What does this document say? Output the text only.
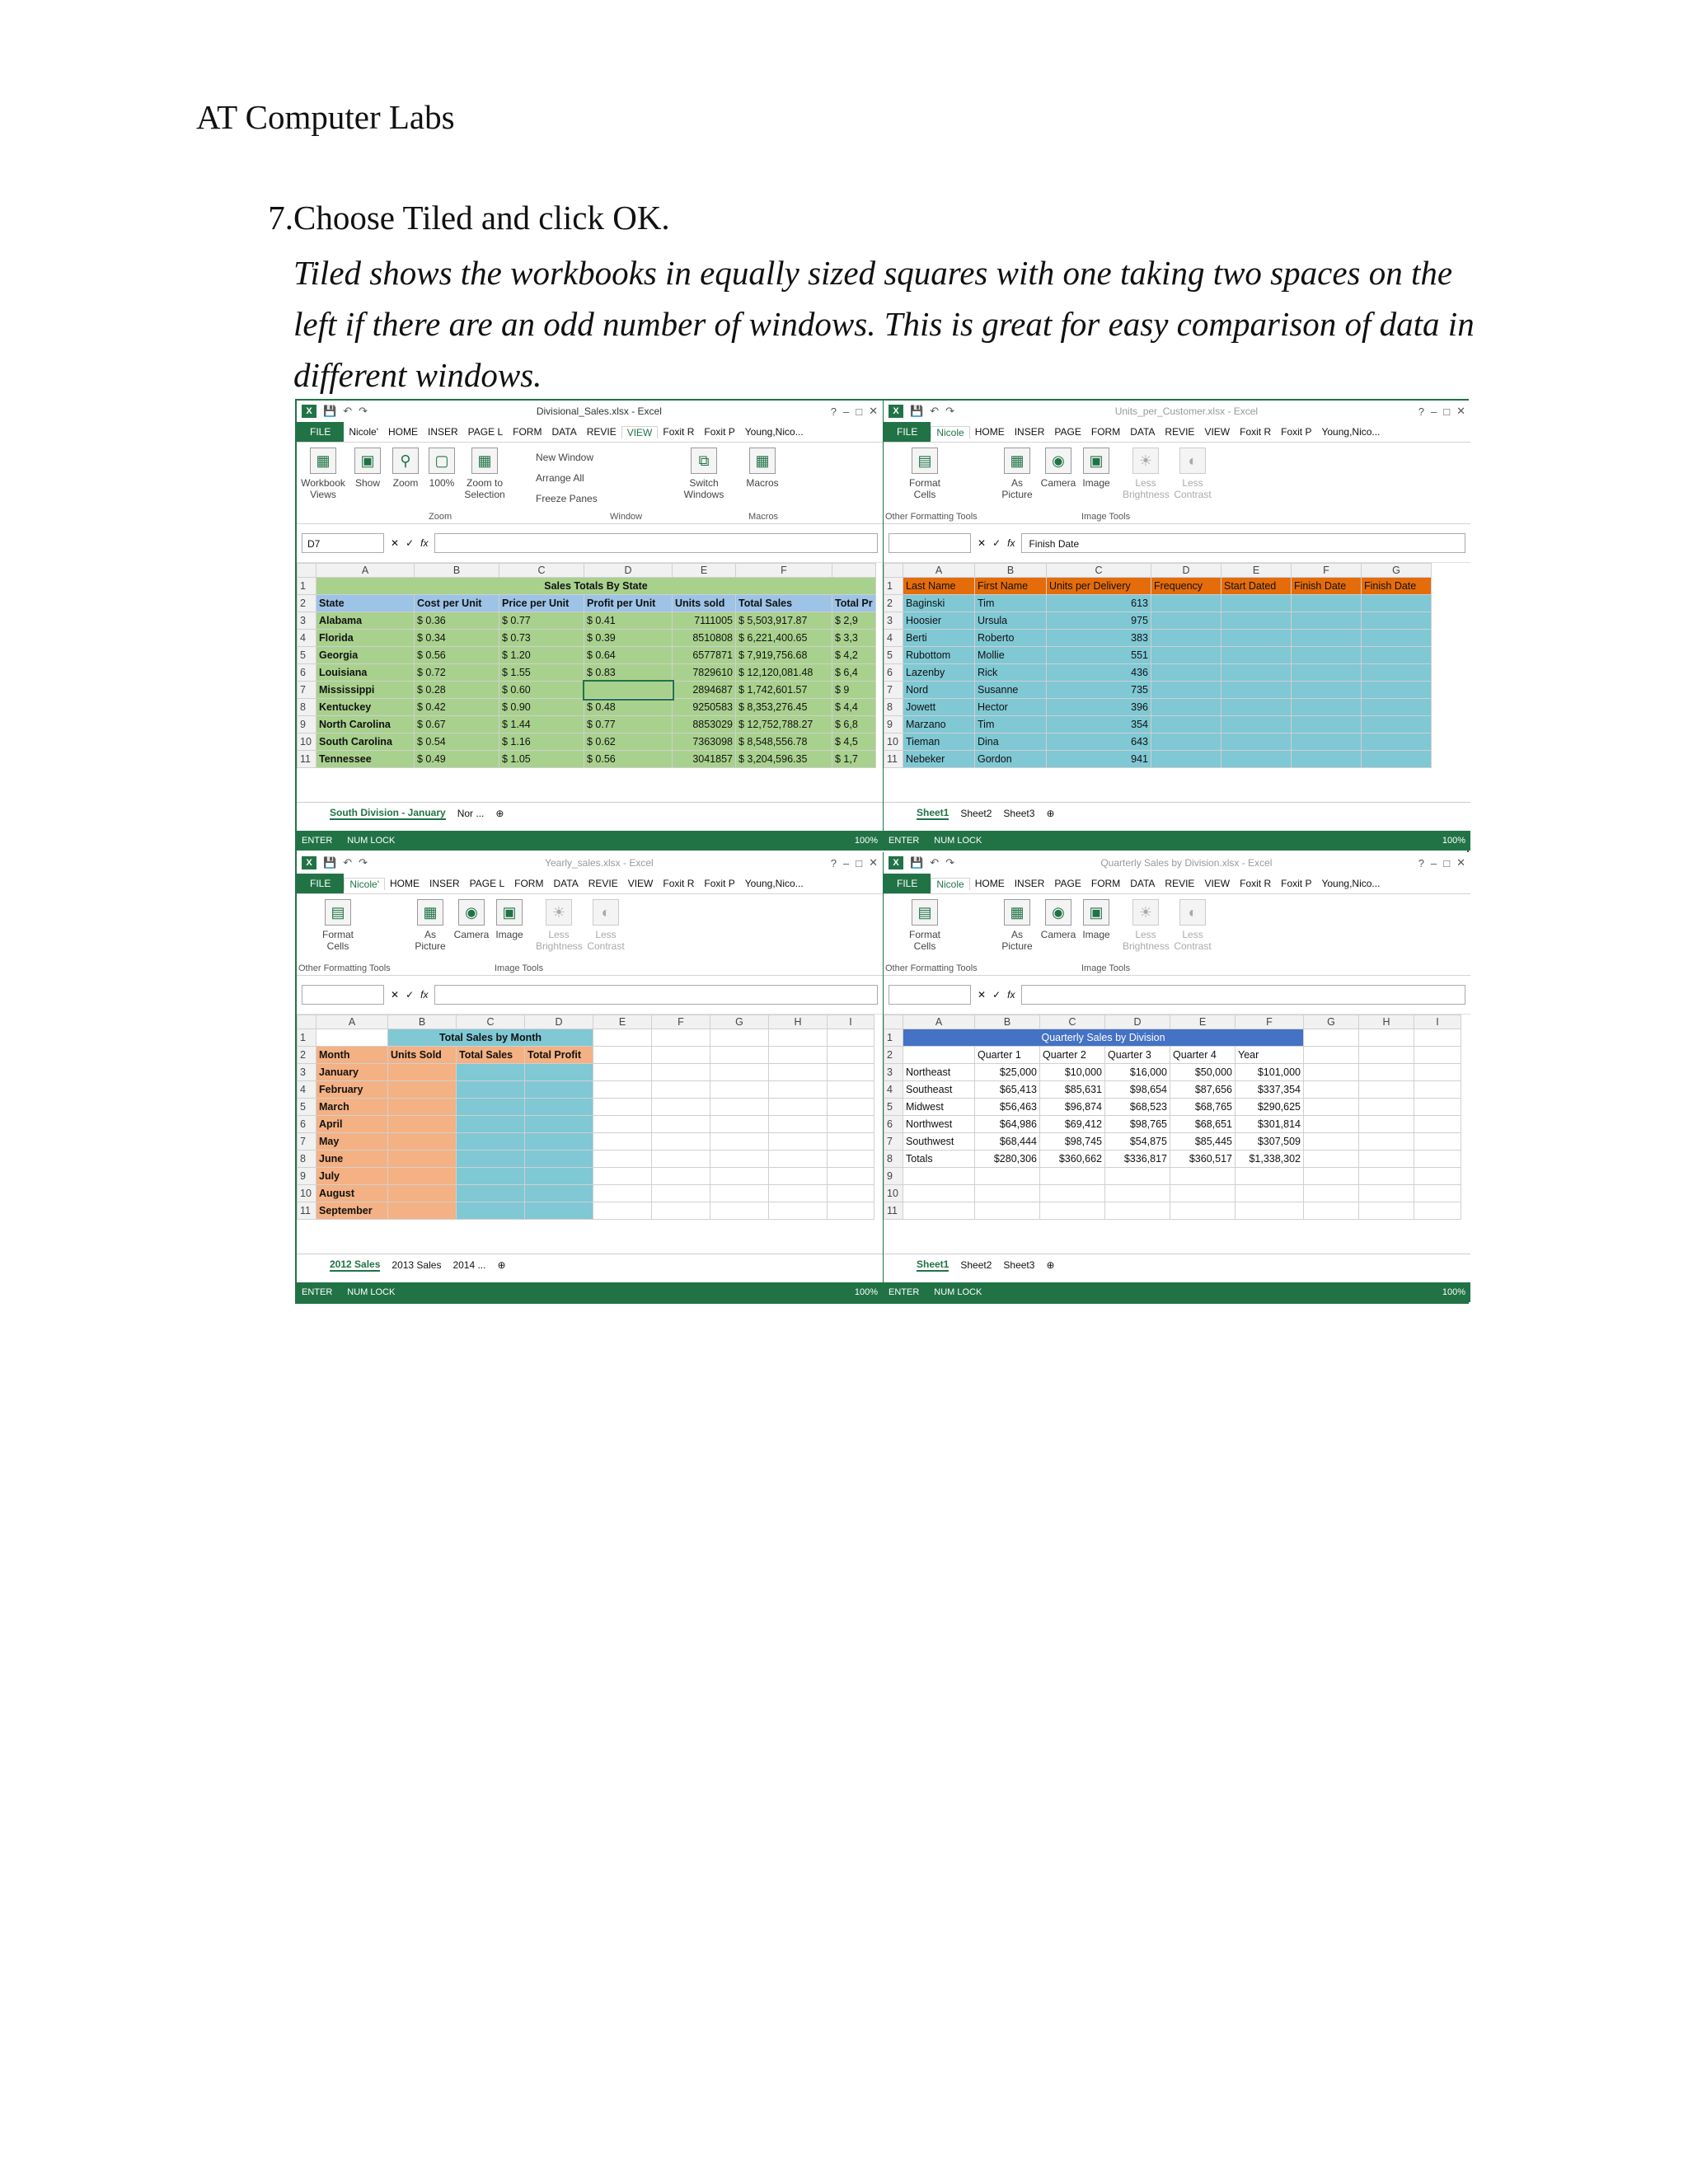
AT Computer Labs
7.Choose Tiled and click OK.
Tiled shows the workbooks in equally sized squares with one taking two spaces on the left if there are an odd number of windows. This is great for easy comparison of data in different windows.
X	💾 ↶ ↷	Divisional_Sales.xlsx - Excel	? – □ ✕
FILE	Nicole'	HOME	INSER	PAGE L	FORM	DATA	REVIE	VIEW	Foxit R	Foxit P	Young,Nico...
▦
Workbook Views
▣
Show
⚲
Zoom
▢
100%
▦
Zoom to Selection
New Window
Arrange All
Freeze Panes
⧉
Switch Windows
▦
Macros
Zoom	Window	Macros
D7	✕ ✓ fx
	A	B	C	D	E	F	
1	Sales Totals By State						
2	State	Cost per Unit	Price per Unit	Profit per Unit	Units sold	Total Sales	Total Pr
3	Alabama	$ 0.36	$ 0.77	$ 0.41	7111005	$ 5,503,917.87	$ 2,9
4	Florida	$ 0.34	$ 0.73	$ 0.39	8510808	$ 6,221,400.65	$ 3,3
5	Georgia	$ 0.56	$ 1.20	$ 0.64	6577871	$ 7,919,756.68	$ 4,2
6	Louisiana	$ 0.72	$ 1.55	$ 0.83	7829610	$ 12,120,081.48	$ 6,4
7	Mississippi	$ 0.28	$ 0.60		2894687	$ 1,742,601.57	$ 9
8	Kentuckey	$ 0.42	$ 0.90	$ 0.48	9250583	$ 8,353,276.45	$ 4,4
9	North Carolina	$ 0.67	$ 1.44	$ 0.77	8853029	$ 12,752,788.27	$ 6,8
10	South Carolina	$ 0.54	$ 1.16	$ 0.62	7363098	$ 8,548,556.78	$ 4,5
11	Tennessee	$ 0.49	$ 1.05	$ 0.56	3041857	$ 3,204,596.35	$ 1,7
South Division - January Nor ... ⊕
ENTER NUM LOCK	100%
X	💾 ↶ ↷	Units_per_Customer.xlsx - Excel	? – □ ✕
FILE	Nicole	HOME	INSER	PAGE	FORM	DATA	REVIE	VIEW	Foxit R	Foxit P	Young,Nico...
▤
Format Cells
▦
As Picture
◉
Camera
▣
Image
☀
Less Brightness
◐
Less Contrast
Other Formatting Tools	Image Tools
✕ ✓ fx	Finish Date
	A	B	C	D	E	F	G
1	Last Name	First Name	Units per Delivery	Frequency	Start Dated	Finish Date	Finish Date
2	Baginski	Tim	613				
3	Hoosier	Ursula	975				
4	Berti	Roberto	383				
5	Rubottom	Mollie	551				
6	Lazenby	Rick	436				
7	Nord	Susanne	735				
8	Jowett	Hector	396				
9	Marzano	Tim	354				
10	Tieman	Dina	643				
11	Nebeker	Gordon	941				
Sheet1 Sheet2 Sheet3 ⊕
ENTER NUM LOCK	100%
X	💾 ↶ ↷	Yearly_sales.xlsx - Excel	? – □ ✕
FILE	Nicole'	HOME	INSER	PAGE L	FORM	DATA	REVIE	VIEW	Foxit R	Foxit P	Young,Nico...
▤
Format Cells
▦
As Picture
◉
Camera
▣
Image
☀
Less Brightness
◐
Less Contrast
Other Formatting Tools	Image Tools
✕ ✓ fx
	A	B	C	D	E	F	G	H	I
1		Total Sales by Month							
2	Month	Units Sold	Total Sales	Total Profit					
3	January								
4	February								
5	March								
6	April								
7	May								
8	June								
9	July								
10	August								
11	September								
2012 Sales 2013 Sales 2014 ... ⊕
ENTER NUM LOCK	100%
X	💾 ↶ ↷	Quarterly Sales by Division.xlsx - Excel	? – □ ✕
FILE	Nicole	HOME	INSER	PAGE	FORM	DATA	REVIE	VIEW	Foxit R	Foxit P	Young,Nico...
▤
Format Cells
▦
As Picture
◉
Camera
▣
Image
☀
Less Brightness
◐
Less Contrast
Other Formatting Tools	Image Tools
✕ ✓ fx
	A	B	C	D	E	F	G	H	I
1	Quarterly Sales by Division								
2		Quarter 1	Quarter 2	Quarter 3	Quarter 4	Year			
3	Northeast	$25,000	$10,000	$16,000	$50,000	$101,000			
4	Southeast	$65,413	$85,631	$98,654	$87,656	$337,354			
5	Midwest	$56,463	$96,874	$68,523	$68,765	$290,625			
6	Northwest	$64,986	$69,412	$98,765	$68,651	$301,814			
7	Southwest	$68,444	$98,745	$54,875	$85,445	$307,509			
8	Totals	$280,306	$360,662	$336,817	$360,517	$1,338,302			
9									
10									
11									
Sheet1 Sheet2 Sheet3 ⊕
ENTER NUM LOCK	100%
